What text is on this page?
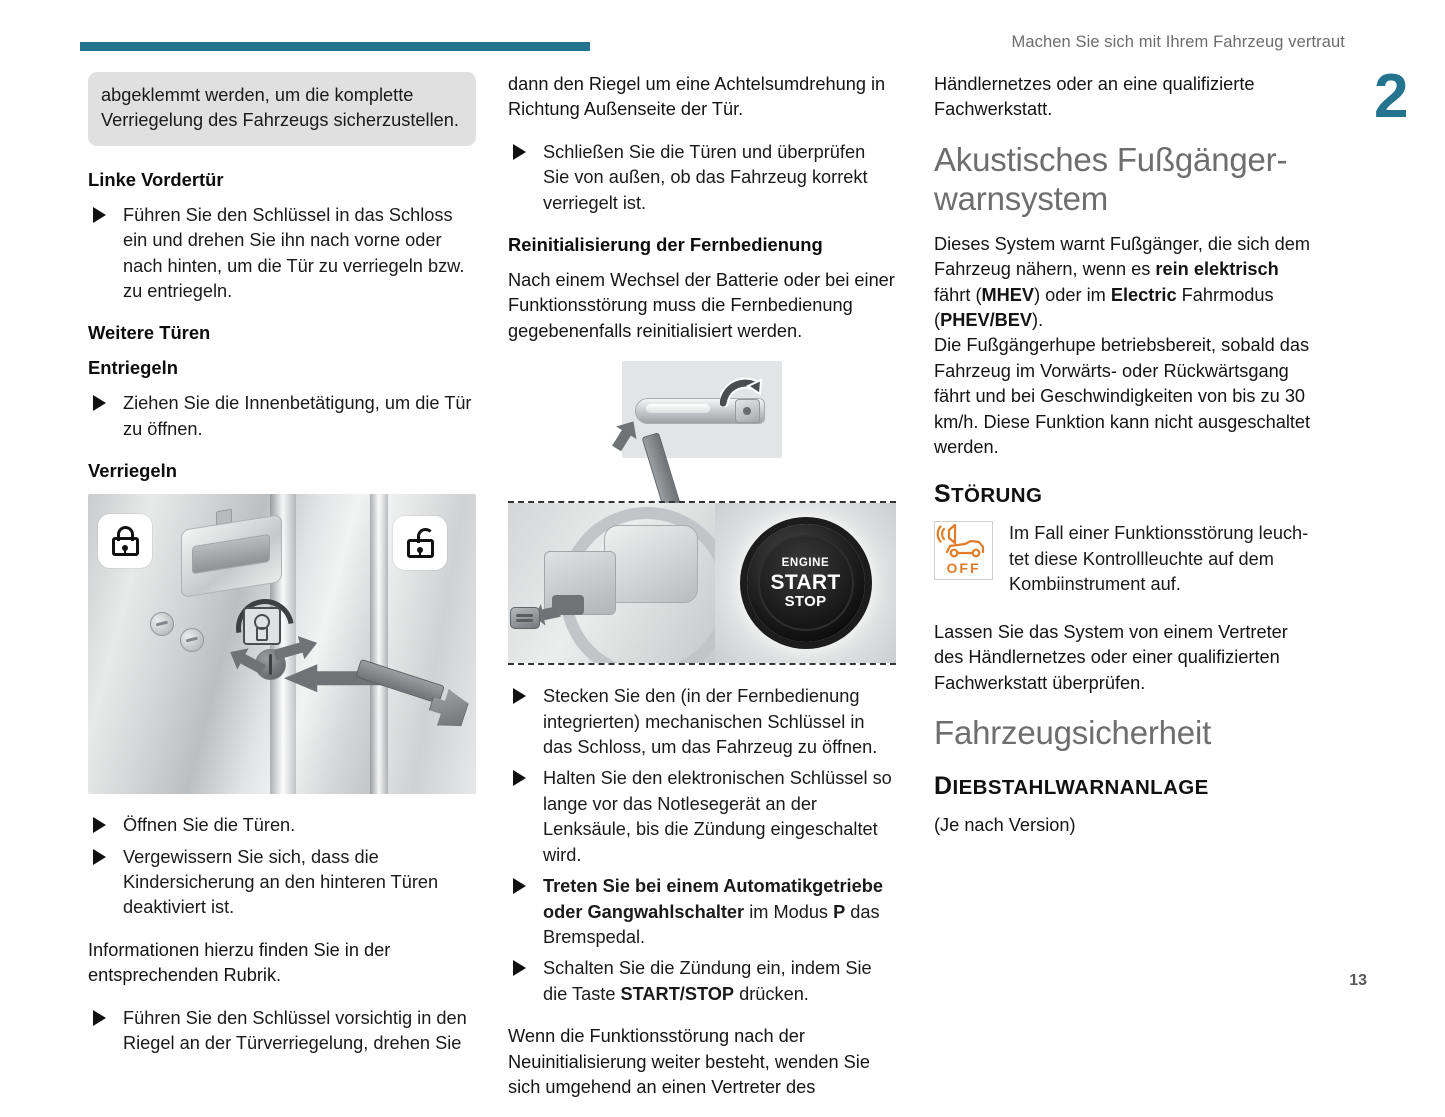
Machen Sie sich mit Ihrem Fahrzeug vertraut
2
13
abgeklemmt werden, um die komplette Verriegelung des Fahrzeugs sicherzustellen.
Linke Vordertür
Führen Sie den Schlüssel in das Schloss ein und drehen Sie ihn nach vorne oder nach hinten, um die Tür zu verriegeln bzw. zu entriegeln.
Weitere Türen
Entriegeln
Ziehen Sie die Innenbetätigung, um die Tür zu öffnen.
Verriegeln
Öffnen Sie die Türen.
Vergewissern Sie sich, dass die Kindersicherung an den hinteren Türen deaktiviert ist.

Informationen hierzu finden Sie in der entsprechenden Rubrik.

Führen Sie den Schlüssel vorsichtig in den Riegel an der Türverriegelung, drehen Sie

dann den Riegel um eine Achtelsumdrehung in Richtung Außenseite der Tür.

Schließen Sie die Türen und überprüfen Sie von außen, ob das Fahrzeug korrekt verriegelt ist.
Reinitialisierung der Fernbedienung

Nach einem Wechsel der Batterie oder bei einer Funktionsstörung muss die Fernbedienung gegebenenfalls reinitialisiert werden.

ENGINE
START
STOP
Stecken Sie den (in der Fernbedienung integrierten) mechanischen Schlüssel in das Schloss, um das Fahrzeug zu öffnen.
Halten Sie den elektronischen Schlüssel so lange vor das Notlesegerät an der Lenksäule, bis die Zündung eingeschaltet wird.
Treten Sie bei einem Automatikgetriebe oder Gangwahlschalter im Modus P das Bremspedal.
Schalten Sie die Zündung ein, indem Sie die Taste START/STOP drücken.

Wenn die Funktionsstörung nach der Neuinitialisierung weiter besteht, wenden Sie sich umgehend an einen Vertreter des

Händlernetzes oder an eine qualifizierte Fachwerkstatt.

Akustisches Fußgänger-warnsystem

Dieses System warnt Fußgänger, die sich dem Fahrzeug nähern, wenn es rein elektrisch fährt (MHEV) oder im Electric Fahrmodus (PHEV/BEV).

Die Fußgängerhupe betriebsbereit, sobald das Fahrzeug im Vorwärts- oder Rückwärtsgang fährt und bei Geschwindigkeiten von bis zu 30 km/h. Diese Funktion kann nicht ausgeschaltet werden.

STÖRUNG
OFF
Im Fall einer Funktionsstörung leuch-tet diese Kontrollleuchte auf dem Kombiinstrument auf.

Lassen Sie das System von einem Vertreter des Händlernetzes oder einer qualifizierten Fachwerkstatt überprüfen.

Fahrzeugsicherheit
DIEBSTAHLWARNANLAGE

(Je nach Version)
